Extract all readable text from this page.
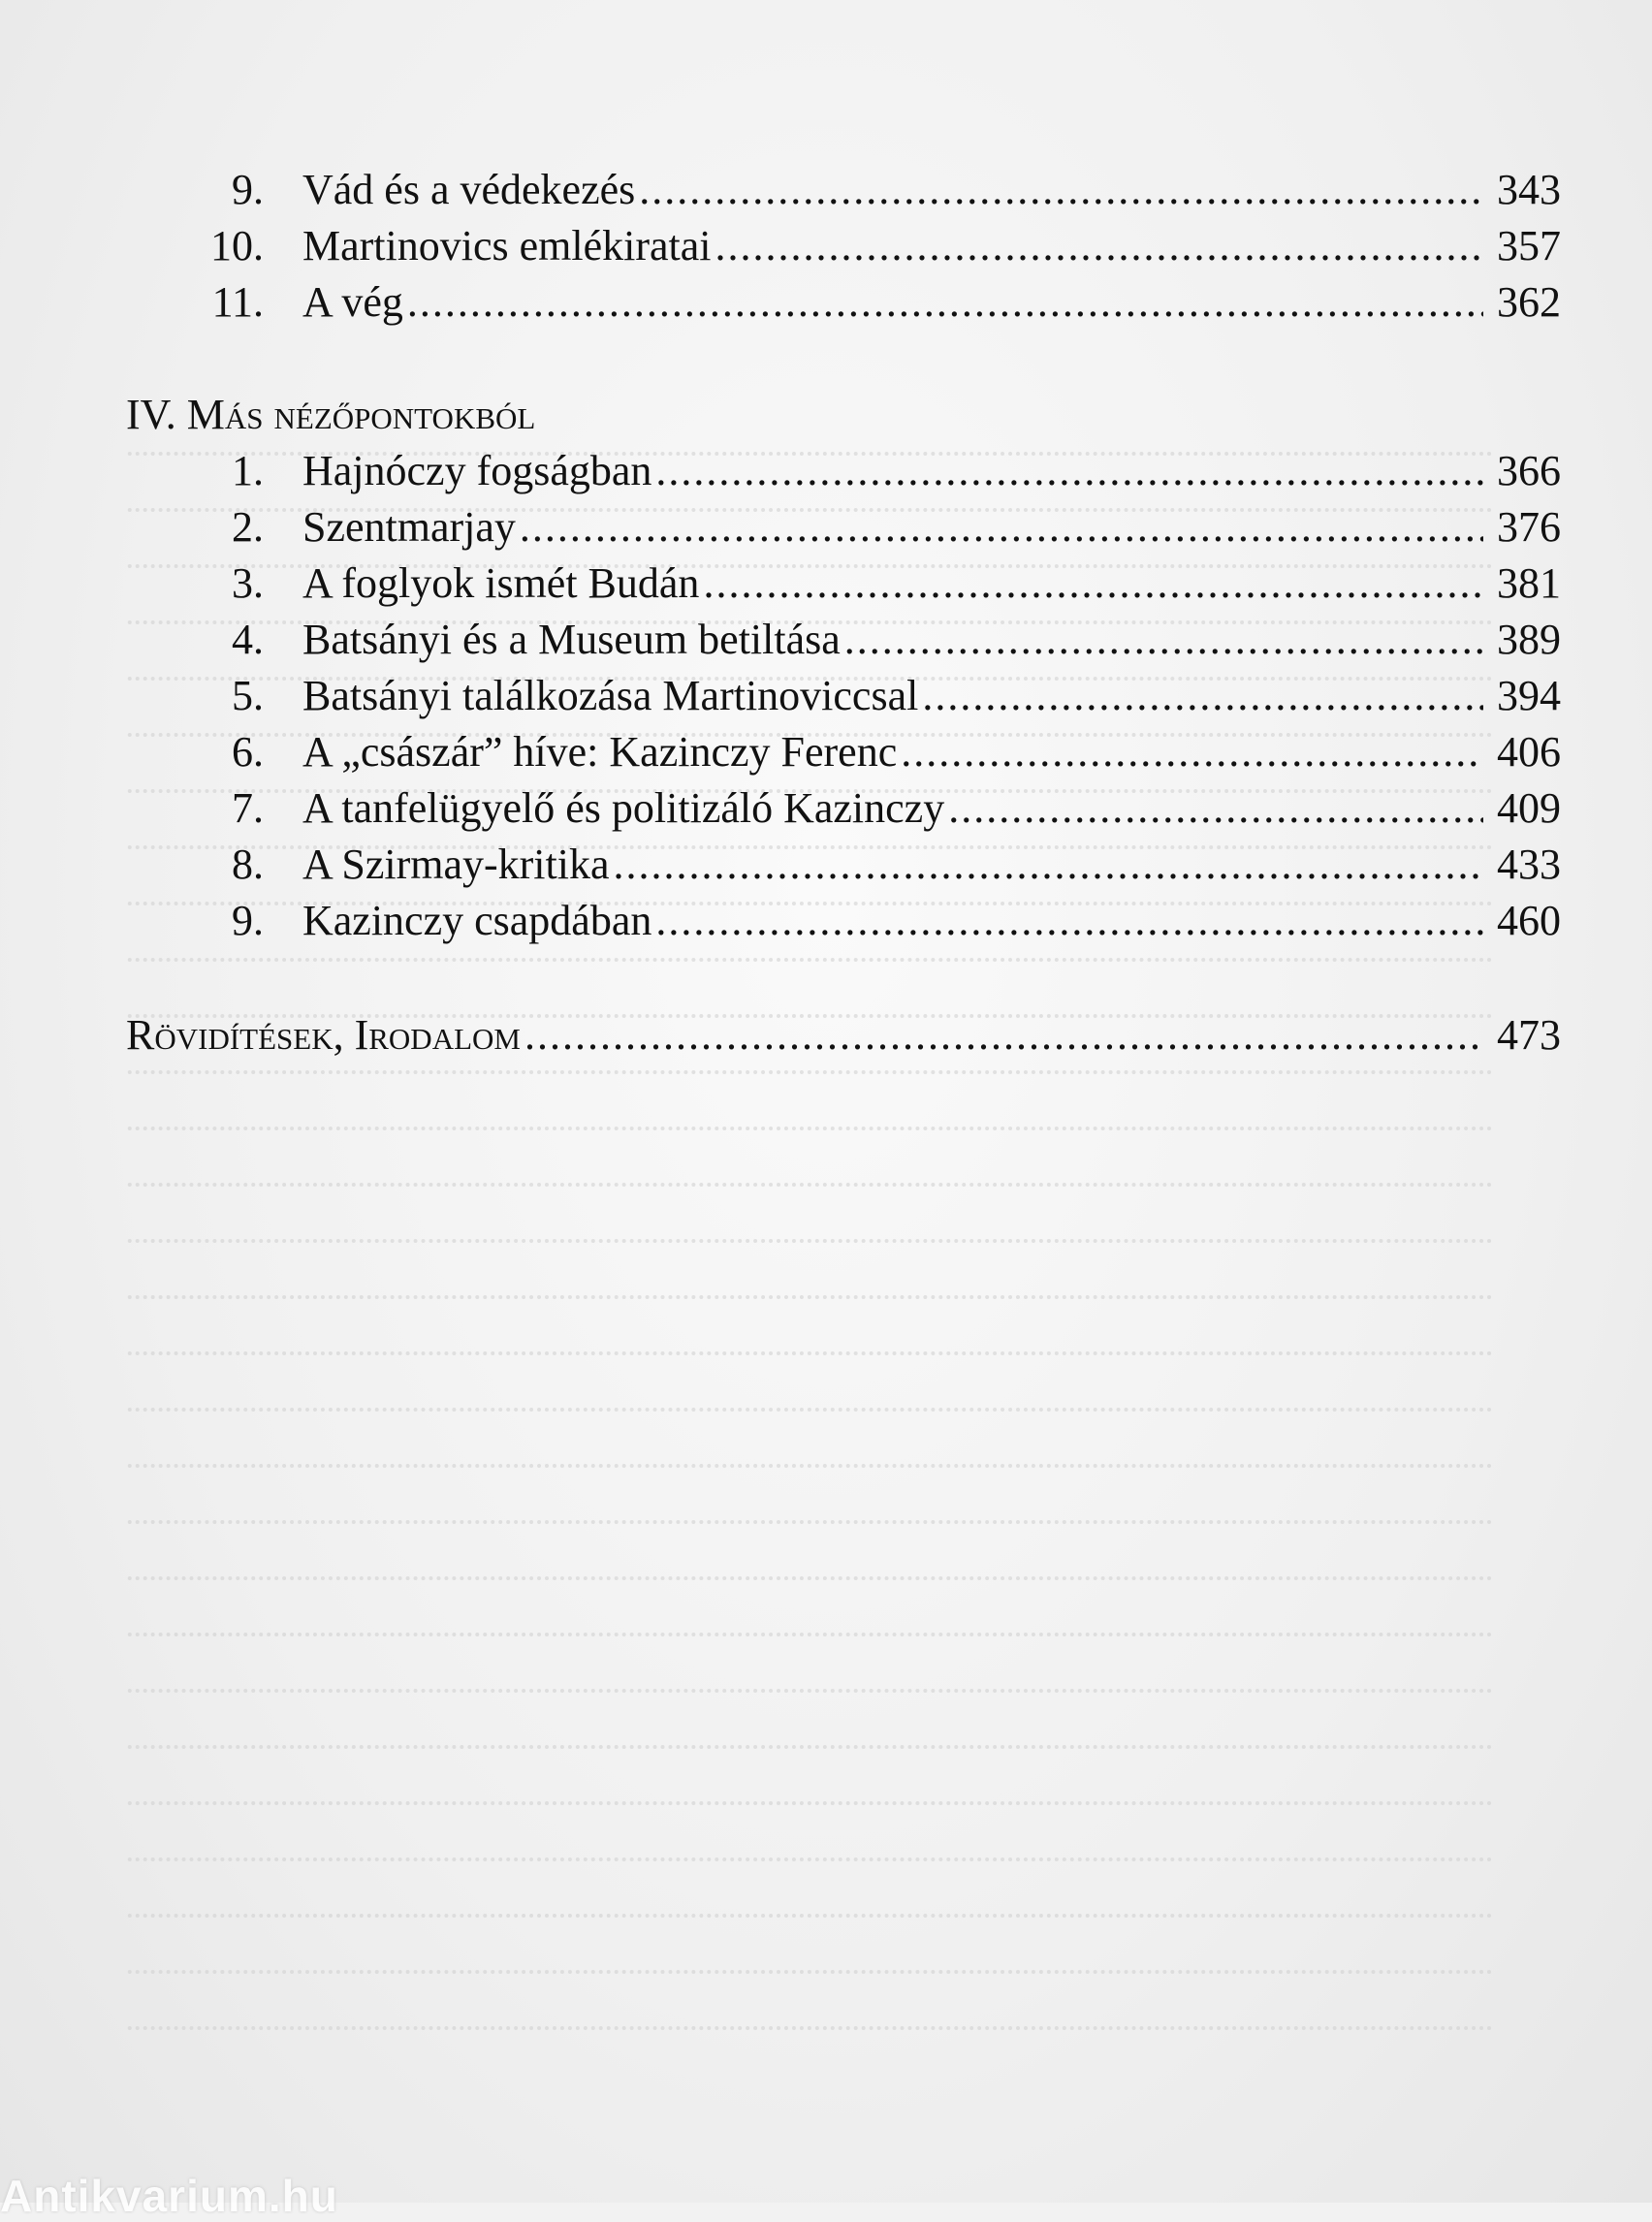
9. Vád és a védekezés .....	343
10. Martinovics emlékiratai .....	357
11. A vég .....	362
IV. Más nézőpontokból
1. Hajnóczy fogságban .....	366
2. Szentmarjay .....	376
3. A foglyok ismét Budán .....	381
4. Batsányi és a Museum betiltása .....	389
5. Batsányi találkozása Martinoviccsal .....	394
6. A „császár” híve: Kazinczy Ferenc .....	406
7. A tanfelügyelő és politizáló Kazinczy .....	409
8. A Szirmay-kritika .....	433
9. Kazinczy csapdában .....	460
Rövidítések, Irodalom .....	473
Antikvarium.hu
